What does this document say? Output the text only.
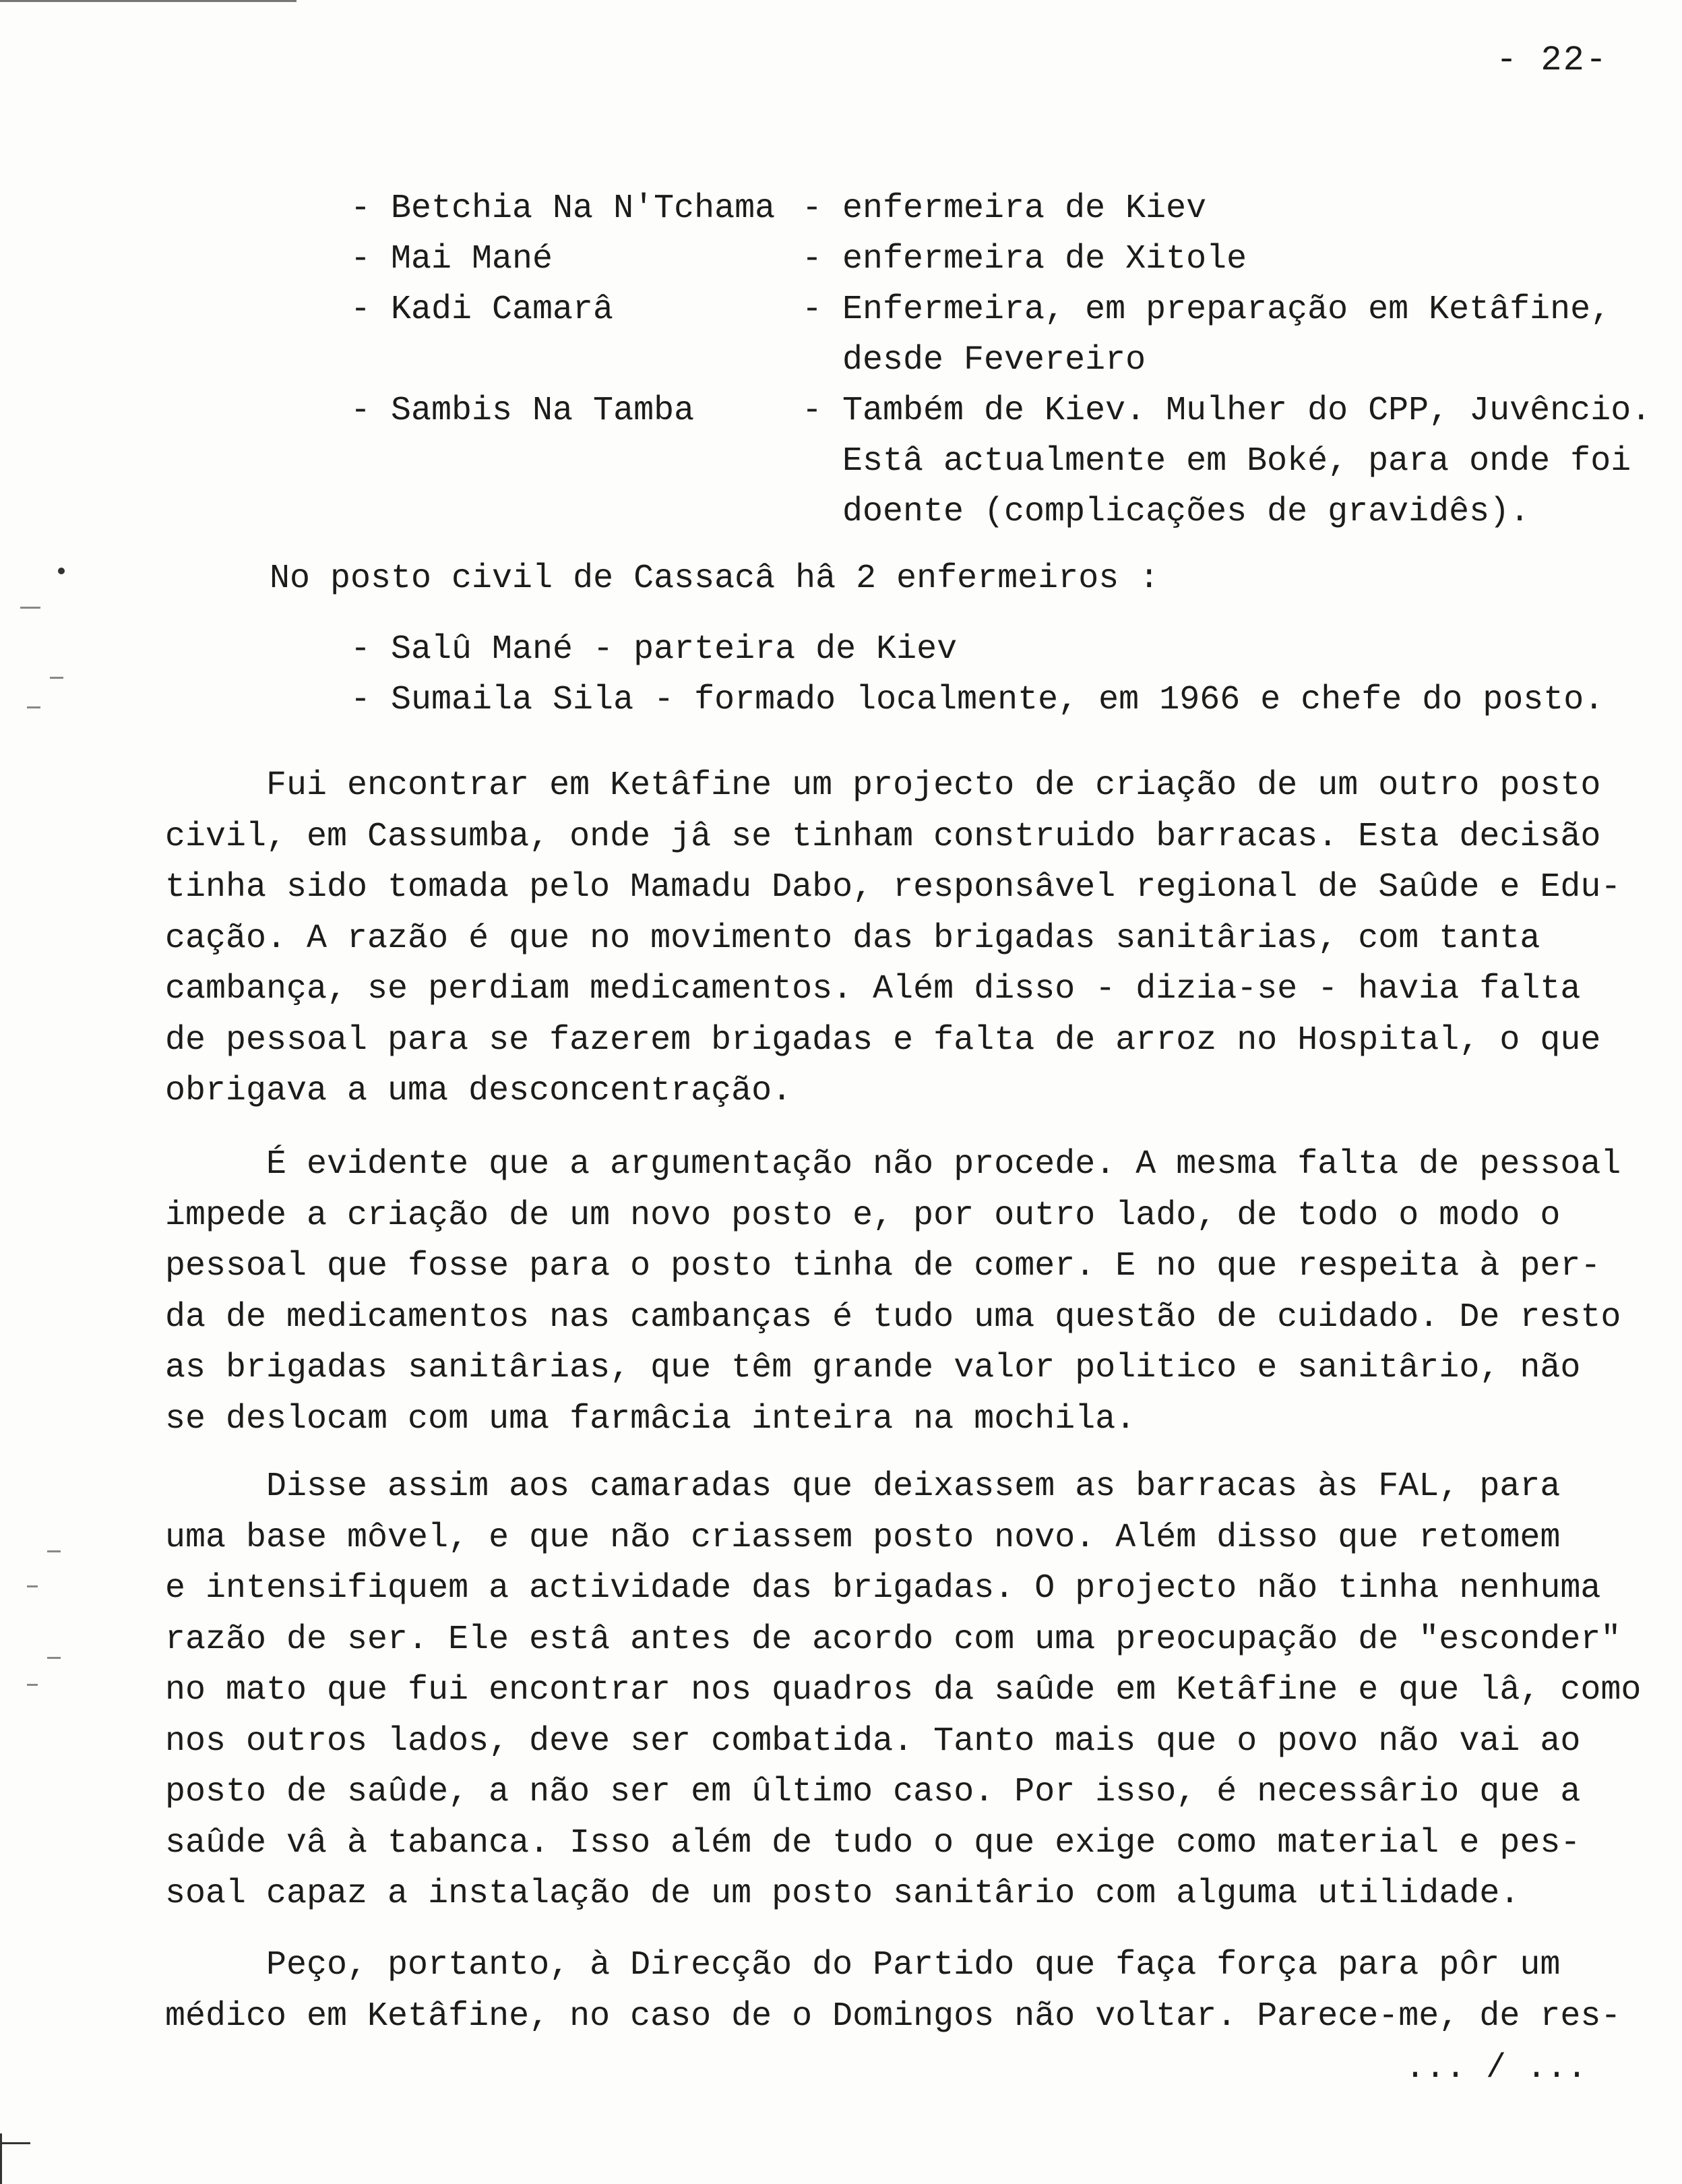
- 22-
- Betchia Na N'Tchama - enfermeira de Kiev
- Mai Mané	- enfermeira de Xitole
- Kadi Camarâ	- Enfermeira, em preparação em Ketâfine,
desde Fevereiro
- Sambis Na Tamba	- Também de Kiev. Mulher do CPP, Juvêncio.
Estâ actualmente em Boké, para onde foi
doente (complicações de gravidês).
No posto civil de Cassacâ hâ 2 enfermeiros :
- Salû Mané - parteira de Kiev
- Sumaila Sila - formado localmente, em 1966 e chefe do posto.
Fui encontrar em Ketâfine um projecto de criação de um outro posto
civil, em Cassumba, onde jâ se tinham construido barracas. Esta decisão
tinha sido tomada pelo Mamadu Dabo, responsâvel regional de Saûde e Edu-
cação. A razão é que no movimento das brigadas sanitârias, com tanta
cambança, se perdiam medicamentos. Além disso - dizia-se - havia falta
de pessoal para se fazerem brigadas e falta de arroz no Hospital, o que
obrigava a uma desconcentração.
É evidente que a argumentação não procede. A mesma falta de pessoal
impede a criação de um novo posto e, por outro lado, de todo o modo o
pessoal que fosse para o posto tinha de comer. E no que respeita à per-
da de medicamentos nas cambanças é tudo uma questão de cuidado. De resto
as brigadas sanitârias, que têm grande valor politico e sanitârio, não
se deslocam com uma farmâcia inteira na mochila.
Disse assim aos camaradas que deixassem as barracas às FAL, para
uma base môvel, e que não criassem posto novo. Além disso que retomem
e intensifiquem a actividade das brigadas. O projecto não tinha nenhuma
razão de ser. Ele estâ antes de acordo com uma preocupação de "esconder"
no mato que fui encontrar nos quadros da saûde em Ketâfine e que lâ, como
nos outros lados, deve ser combatida. Tanto mais que o povo não vai ao
posto de saûde, a não ser em ûltimo caso. Por isso, é necessârio que a
saûde vâ à tabanca. Isso além de tudo o que exige como material e pes-
soal capaz a instalação de um posto sanitârio com alguma utilidade.
Peço, portanto, à Direcção do Partido que faça força para pôr um
médico em Ketâfine, no caso de o Domingos não voltar. Parece-me, de res-
... / ...
